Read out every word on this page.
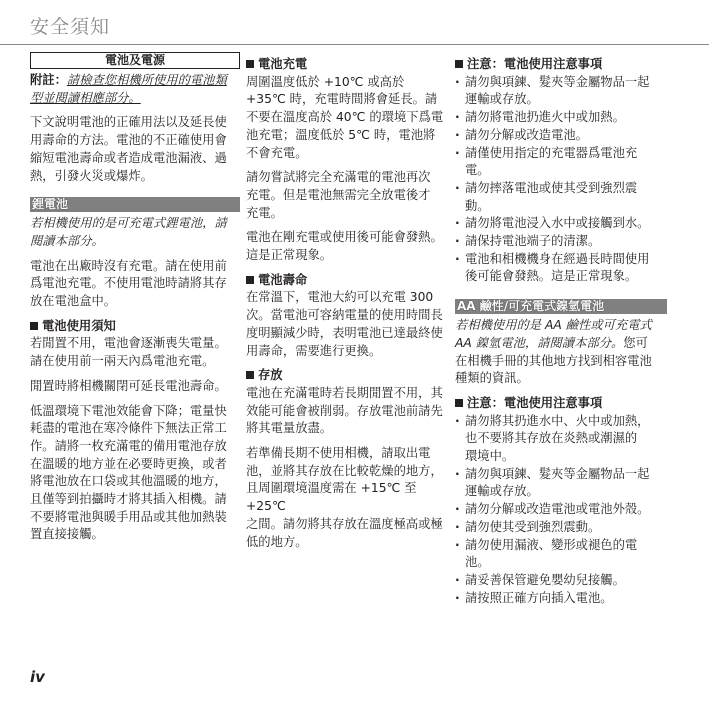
安全須知
電池及電源
附註：請檢查您相機所使用的電池類
型並閱讀相應部分。
下文說明電池的正確用法以及延長使
用壽命的方法。電池的不正確使用會
縮短電池壽命或者造成電池漏液、過
熱，引發火災或爆炸。
鋰電池
若相機使用的是可充電式鋰電池，請
閱讀本部分。
電池在出廠時沒有充電。請在使用前
爲電池充電。不使用電池時請將其存
放在電池盒中。
電池使用須知
若閒置不用，電池會逐漸喪失電量。
請在使用前一兩天內爲電池充電。
閒置時將相機關閉可延長電池壽命。
低溫環境下電池效能會下降；電量快
耗盡的電池在寒冷條件下無法正常工
作。請將一枚充滿電的備用電池存放
在溫暖的地方並在必要時更換，或者
將電池放在口袋或其他溫暖的地方，
且僅等到拍攝時才將其插入相機。請
不要將電池與暖手用品或其他加熱裝
置直接接觸。
電池充電
周圍溫度低於 +10℃ 或高於
+35℃ 時，充電時間將會延長。請
不要在溫度高於 40℃ 的環境下爲電
池充電；溫度低於 5℃ 時，電池將
不會充電。
請勿嘗試將完全充滿電的電池再次
充電。但是電池無需完全放電後才
充電。
電池在剛充電或使用後可能會發熱。
這是正常現象。
電池壽命
在常溫下，電池大約可以充電 300
次。當電池可容納電量的使用時間長
度明顯減少時，表明電池已達最終使
用壽命，需要進行更換。
存放
電池在充滿電時若長期閒置不用，其
效能可能會被削弱。存放電池前請先
將其電量放盡。
若準備長期不使用相機，請取出電
池，並將其存放在比較乾燥的地方，
且周圍環境溫度需在 +15℃ 至 +25℃
之間。請勿將其存放在溫度極高或極
低的地方。
注意：電池使用注意事項
· 請勿與項鍊、髮夾等金屬物品一起
運輸或存放。
· 請勿將電池扔進火中或加熱。
· 請勿分解或改造電池。
· 請僅使用指定的充電器爲電池充
電。
· 請勿摔落電池或使其受到強烈震
動。
· 請勿將電池浸入水中或接觸到水。
· 請保持電池端子的清潔。
· 電池和相機機身在經過長時間使用
後可能會發熱。這是正常現象。
AA 鹼性/可充電式鎳氫電池
若相機使用的是 AA 鹼性或可充電式
AA 鎳氫電池，請閱讀本部分。您可
在相機手冊的其他地方找到相容電池
種類的資訊。
注意：電池使用注意事項
· 請勿將其扔進水中、火中或加熱，
也不要將其存放在炎熱或潮濕的
環境中。
· 請勿與項鍊、髮夾等金屬物品一起
運輸或存放。
· 請勿分解或改造電池或電池外殼。
· 請勿使其受到強烈震動。
· 請勿使用漏液、變形或褪色的電
池。
· 請妥善保管避免嬰幼兒接觸。
· 請按照正確方向插入電池。
iv
